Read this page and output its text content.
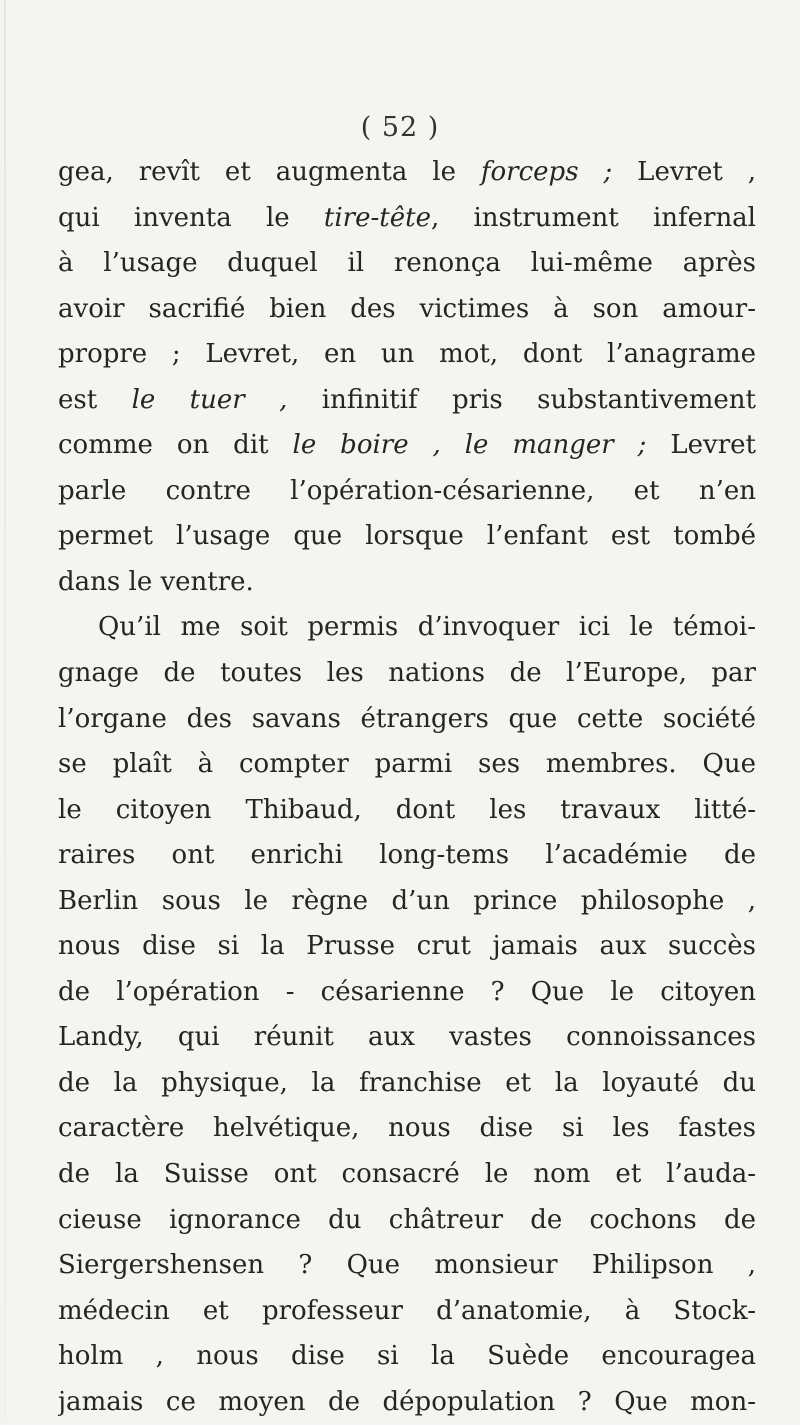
( 52 )
gea, revît et augmenta le forceps ; Levret ,
qui inventa le tire-tête, instrument infernal
à l’usage duquel il renonça lui-même après
avoir sacrifié bien des victimes à son amour-
propre ; Levret, en un mot, dont l’anagrame
est le tuer , infinitif pris substantivement
comme on dit le boire , le manger ; Levret
parle contre l’opération-césarienne, et n’en
permet l’usage que lorsque l’enfant est tombé
dans le ventre.
Qu’il me soit permis d’invoquer ici le témoi-
gnage de toutes les nations de l’Europe, par
l’organe des savans étrangers que cette société
se plaît à compter parmi ses membres. Que
le citoyen Thibaud, dont les travaux litté-
raires ont enrichi long-tems l’académie de
Berlin sous le règne d’un prince philosophe ,
nous dise si la Prusse crut jamais aux succès
de l’opération - césarienne ? Que le citoyen
Landy, qui réunit aux vastes connoissances
de la physique, la franchise et la loyauté du
caractère helvétique, nous dise si les fastes
de la Suisse ont consacré le nom et l’auda-
cieuse ignorance du châtreur de cochons de
Siergershensen ? Que monsieur Philipson ,
médecin et professeur d’anatomie, à Stock-
holm , nous dise si la Suède encouragea
jamais ce moyen de dépopulation ? Que mon-
